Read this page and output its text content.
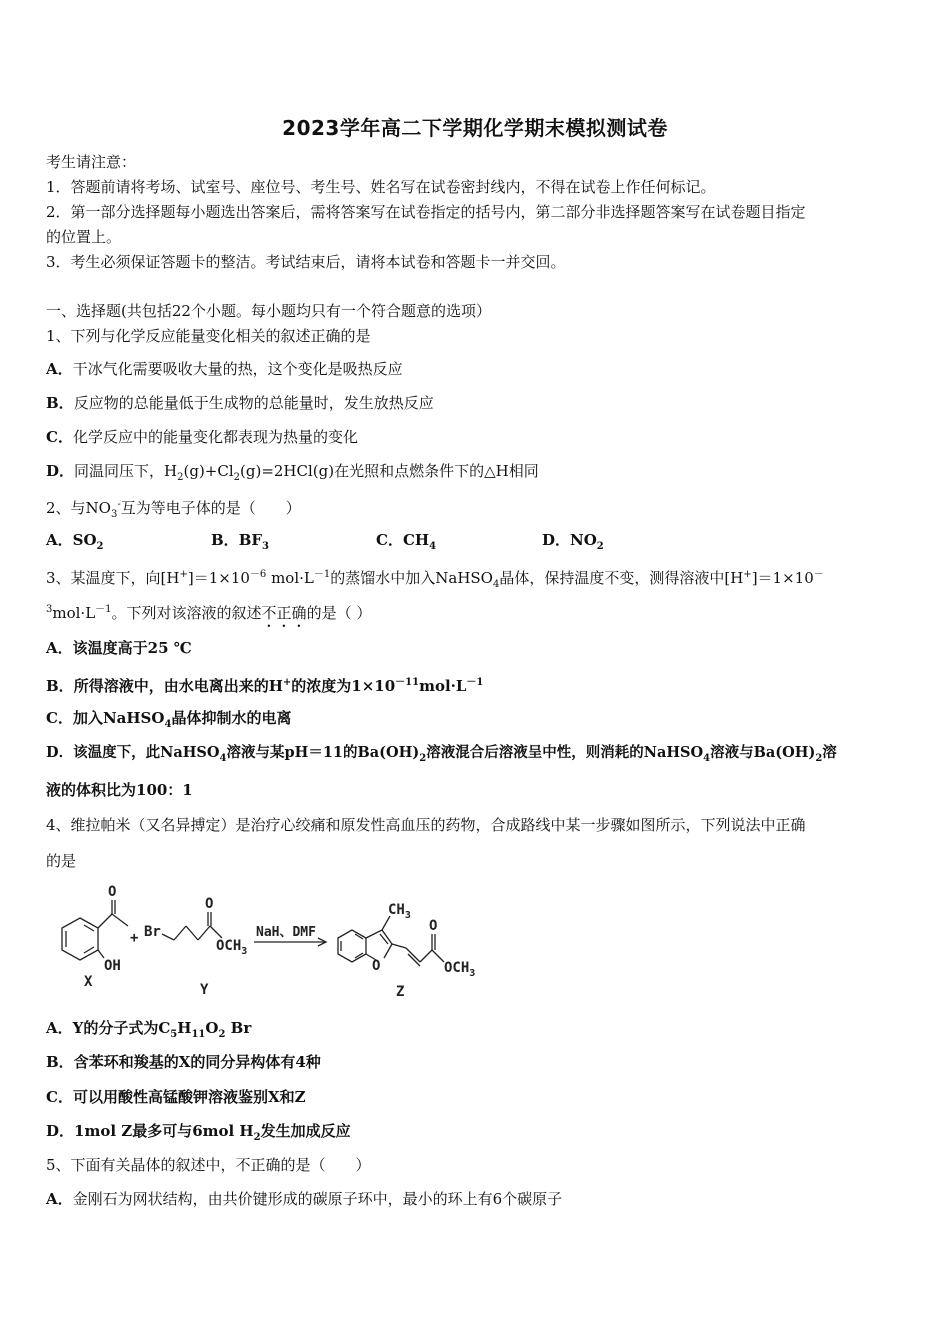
2023学年高二下学期化学期末模拟测试卷
考生请注意：
1．答题前请将考场、试室号、座位号、考生号、姓名写在试卷密封线内，不得在试卷上作任何标记。
2．第一部分选择题每小题选出答案后，需将答案写在试卷指定的括号内，第二部分非选择题答案写在试卷题目指定
的位置上。
3．考生必须保证答题卡的整洁。考试结束后，请将本试卷和答题卡一并交回。
一、选择题(共包括22个小题。每小题均只有一个符合题意的选项）
1、下列与化学反应能量变化相关的叙述正确的是
A．干冰气化需要吸收大量的热，这个变化是吸热反应
B．反应物的总能量低于生成物的总能量时，发生放热反应
C．化学反应中的能量变化都表现为热量的变化
D．同温同压下，$H_2(g)+Cl_2(g)=2HCl(g)$在光照和点燃条件下的△H相同
2、与$NO_3^-$互为等电子体的是（　　）
A．$SO_2$	B．$BF_3$	C．$CH_4$	D．$NO_2$
3、某温度下，向$[H^+]=1\times 10^{-6}$ $mol\cdot L^{-1}$的蒸馏水中加入NaHSO$_4$晶体，保持温度不变，测得溶液中[H+]＝1×10－
$^3mol\cdot L^{-1}$。下列对该溶液的叙述不正确的是（ ）
A．该温度高于25 ℃
B．所得溶液中，由水电离出来的H+的浓度为$1\times 10^{-11}mol\cdot L^{-1}$
C．加入NaHSO$_4$晶体抑制水的电离
D．该温度下，此NaHSO$_4$溶液与某pH＝11的$Ba(OH)_2$溶液混合后溶液呈中性，则消耗的NaHSO$_4$溶液与$Ba(OH)_2$溶
液的体积比为100：1
4、维拉帕米（又名异搏定）是治疗心绞痛和原发性高血压的药物，合成路线中某一步骤如图所示，下列说法中正确
的是
O
OH
X
+ Br
O
$OCH_3$
Y
NaH、DMF
O
$CH_3$
O
$OCH_3$
Z
A．Y的分子式为$C_5H_{11}O_2$ Br
B．含苯环和羧基的X的同分异构体有4种
C．可以用酸性高锰酸钾溶液鉴别X和Z
D．1mol Z最多可与6mol $H_2$发生加成反应
5、下面有关晶体的叙述中，不正确的是（　　）
A．金刚石为网状结构，由共价键形成的碳原子环中，最小的环上有6个碳原子
